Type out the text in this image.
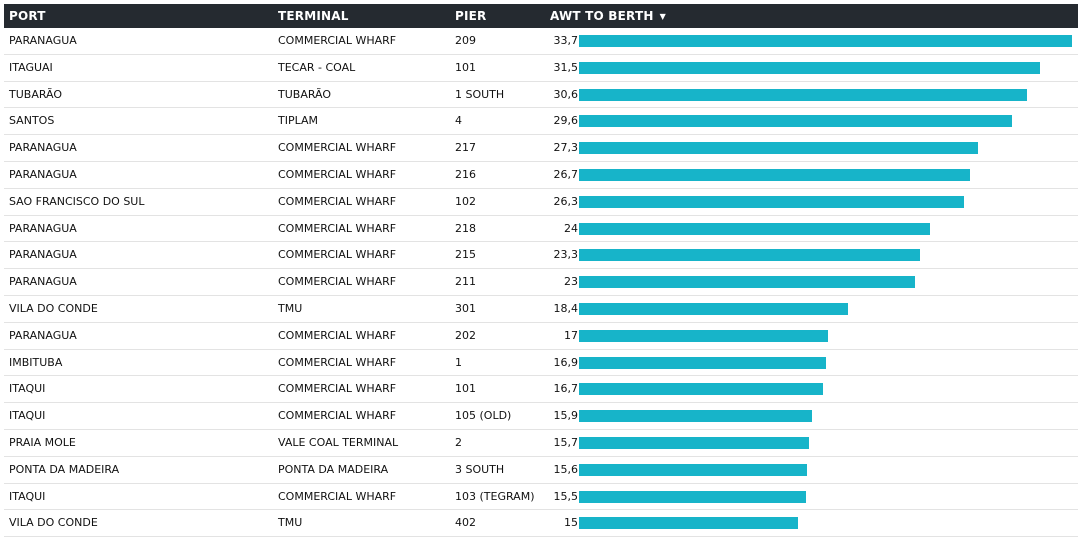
PORT	TERMINAL	PIER	AWT TO BERTH ▼
PARANAGUA	COMMERCIAL WHARF	209	33,7
ITAGUAI	TECAR - COAL	101	31,5
TUBARÃO	TUBARÃO	1 SOUTH	30,6
SANTOS	TIPLAM	4	29,6
PARANAGUA	COMMERCIAL WHARF	217	27,3
PARANAGUA	COMMERCIAL WHARF	216	26,7
SAO FRANCISCO DO SUL	COMMERCIAL WHARF	102	26,3
PARANAGUA	COMMERCIAL WHARF	218	24
PARANAGUA	COMMERCIAL WHARF	215	23,3
PARANAGUA	COMMERCIAL WHARF	211	23
VILA DO CONDE	TMU	301	18,4
PARANAGUA	COMMERCIAL WHARF	202	17
IMBITUBA	COMMERCIAL WHARF	1	16,9
ITAQUI	COMMERCIAL WHARF	101	16,7
ITAQUI	COMMERCIAL WHARF	105 (OLD)	15,9
PRAIA MOLE	VALE COAL TERMINAL	2	15,7
PONTA DA MADEIRA	PONTA DA MADEIRA	3 SOUTH	15,6
ITAQUI	COMMERCIAL WHARF	103 (TEGRAM)	15,5
VILA DO CONDE	TMU	402	15
